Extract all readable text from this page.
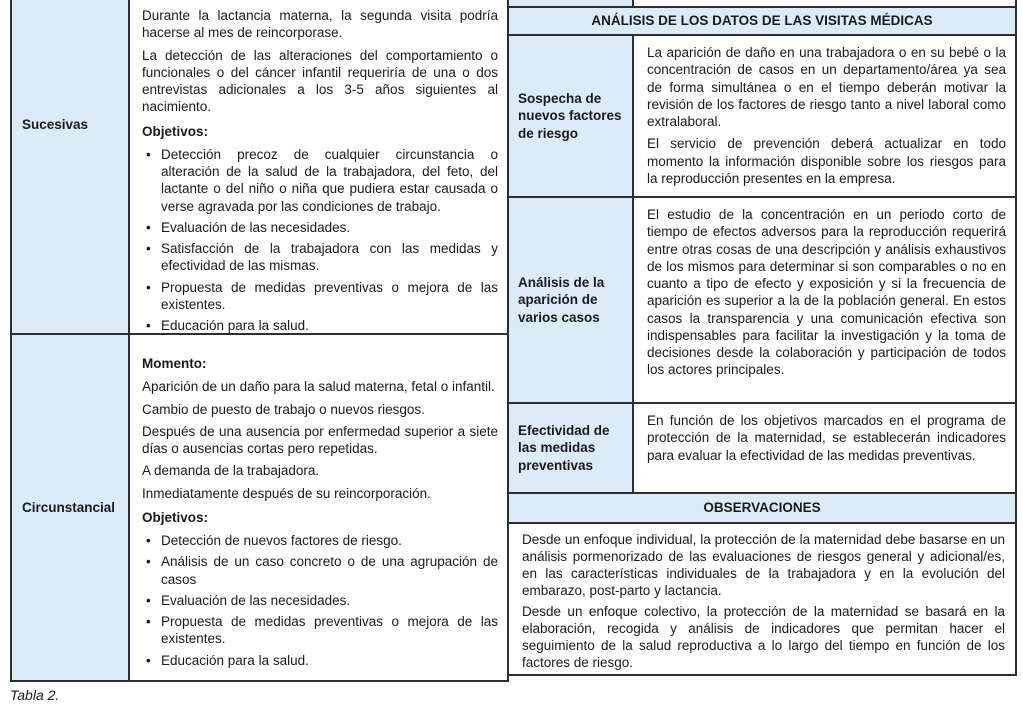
Sucesivas

Durante la lactancia materna, la segunda visita podría hacerse al mes de reincorporase.

La detección de las alteraciones del comportamiento o funcionales o del cáncer infantil requeriría de una o dos entrevistas adicionales a los 3-5 años siguientes al nacimiento.

Objetivos:
• Detección precoz de cualquier circunstancia o alteración de la salud de la trabajadora, del feto, del lactante o del niño o niña que pudiera estar causada o verse agravada por las condiciones de trabajo.
• Evaluación de las necesidades.
• Satisfacción de la trabajadora con las medidas y efectividad de las mismas.
• Propuesta de medidas preventivas o mejora de las existentes.
• Educación para la salud.
Circunstancial
Momento:

Aparición de un daño para la salud materna, fetal o infantil.

Cambio de puesto de trabajo o nuevos riesgos.

Después de una ausencia por enfermedad superior a siete días o ausencias cortas pero repetidas.

A demanda de la trabajadora.

Inmediatamente después de su reincorporación.

Objetivos:
• Detección de nuevos factores de riesgo.
• Análisis de un caso concreto o de una agrupación de casos
• Evaluación de las necesidades.
• Propuesta de medidas preventivas o mejora de las existentes.
• Educación para la salud.
ANÁLISIS DE LOS DATOS DE LAS VISITAS MÉDICAS
Sospecha de nuevos factores de riesgo

La aparición de daño en una trabajadora o en su bebé o la concentración de casos en un departamento/área ya sea de forma simultánea o en el tiempo deberán motivar la revisión de los factores de riesgo tanto a nivel laboral como extralaboral.

El servicio de prevención deberá actualizar en todo momento la información disponible sobre los riesgos para la reproducción presentes en la empresa.

Análisis de la aparición de varios casos

El estudio de la concentración en un periodo corto de tiempo de efectos adversos para la reproducción requerirá entre otras cosas de una descripción y análisis exhaustivos de los mismos para determinar si son comparables o no en cuanto a tipo de efecto y exposición y si la frecuencia de aparición es superior a la de la población general. En estos casos la transparencia y una comunicación efectiva son indispensables para facilitar la investigación y la toma de decisiones desde la colaboración y participación de todos los actores principales.

Efectividad de las medidas preventivas

En función de los objetivos marcados en el programa de protección de la maternidad, se establecerán indicadores para evaluar la efectividad de las medidas preventivas.

OBSERVACIONES

Desde un enfoque individual, la protección de la maternidad debe basarse en un análisis pormenorizado de las evaluaciones de riesgos general y adicional/es, en las características individuales de la trabajadora y en la evolución del embarazo, post-parto y lactancia.

Desde un enfoque colectivo, la protección de la maternidad se basará en la elaboración, recogida y análisis de indicadores que permitan hacer el seguimiento de la salud reproductiva a lo largo del tiempo en función de los factores de riesgo.

Tabla 2.
